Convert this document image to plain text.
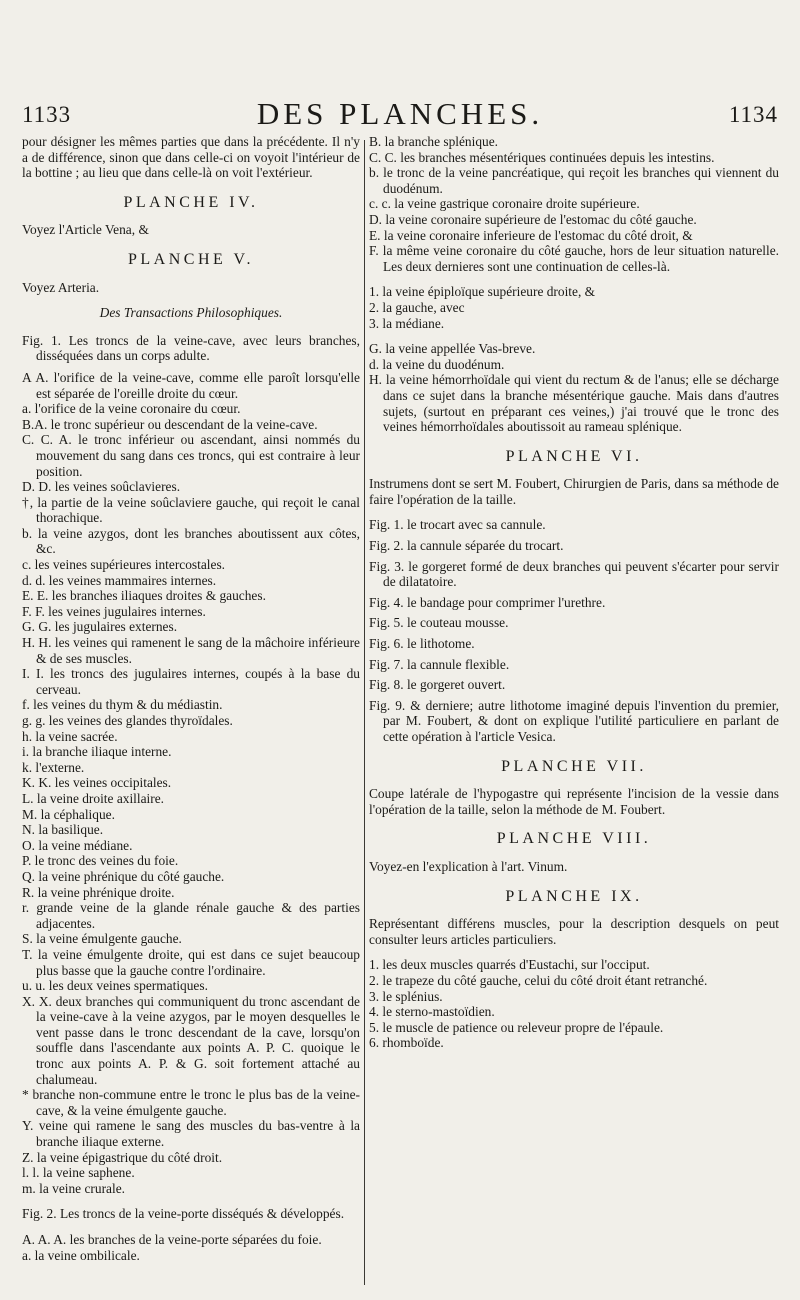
1133	DES PLANCHES.	1134

pour désigner les mêmes parties que dans la précédente. Il n'y a de différence, sinon que dans celle-ci on voyoit l'intérieur de la bottine ; au lieu que dans celle-là on voit l'extérieur.

PLANCHE IV.

Voyez l'Article Vena, &

PLANCHE V.

Voyez Arteria.

Des Transactions Philosophiques.

Fig. 1. Les troncs de la veine-cave, avec leurs branches, disséquées dans un corps adulte.

A A. l'orifice de la veine-cave, comme elle paroît lorsqu'elle est séparée de l'oreille droite du cœur.

a. l'orifice de la veine coronaire du cœur.

B.A. le tronc supérieur ou descendant de la veine-cave.

C. C. A. le tronc inférieur ou ascendant, ainsi nommés du mouvement du sang dans ces troncs, qui est contraire à leur position.

D. D. les veines soûclavieres.

†, la partie de la veine soûclaviere gauche, qui reçoit le canal thorachique.

b. la veine azygos, dont les branches aboutissent aux côtes, &c.

c. les veines supérieures intercostales.

d. d. les veines mammaires internes.

E. E. les branches iliaques droites & gauches.

F. F. les veines jugulaires internes.

G. G. les jugulaires externes.

H. H. les veines qui ramenent le sang de la mâchoire inférieure & de ses muscles.

I. I. les troncs des jugulaires internes, coupés à la base du cerveau.

f. les veines du thym & du médiastin.

g. g. les veines des glandes thyroïdales.

h. la veine sacrée.

i. la branche iliaque interne.

k. l'externe.

K. K. les veines occipitales.

L. la veine droite axillaire.

M. la céphalique.

N. la basilique.

O. la veine médiane.

P. le tronc des veines du foie.

Q. la veine phrénique du côté gauche.

R. la veine phrénique droite.

r. grande veine de la glande rénale gauche & des parties adjacentes.

S. la veine émulgente gauche.

T. la veine émulgente droite, qui est dans ce sujet beaucoup plus basse que la gauche contre l'ordinaire.

u. u. les deux veines spermatiques.

X. X. deux branches qui communiquent du tronc ascendant de la veine-cave à la veine azygos, par le moyen desquelles le vent passe dans le tronc descendant de la cave, lorsqu'on souffle dans l'ascendante aux points A. P. C. quoique le tronc aux points A. P. & G. soit fortement attaché au chalumeau.

* branche non-commune entre le tronc le plus bas de la veine-cave, & la veine émulgente gauche.

Y. veine qui ramene le sang des muscles du bas-ventre à la branche iliaque externe.

Z. la veine épigastrique du côté droit.

l. l. la veine saphene.

m. la veine crurale.

Fig. 2. Les troncs de la veine-porte disséqués & développés.

A. A. A. les branches de la veine-porte séparées du foie.

a. la veine ombilicale.

B. la branche splénique.

C. C. les branches mésentériques continuées depuis les intestins.

b. le tronc de la veine pancréatique, qui reçoit les branches qui viennent du duodénum.

c. c. la veine gastrique coronaire droite supérieure.

D. la veine coronaire supérieure de l'estomac du côté gauche.

E. la veine coronaire inferieure de l'estomac du côté droit, &

F. la même veine coronaire du côté gauche, hors de leur situation naturelle. Les deux dernieres sont une continuation de celles-là.

1. la veine épiploïque supérieure droite, &

2. la gauche, avec

3. la médiane.

G. la veine appellée Vas-breve.

d. la veine du duodénum.

H. la veine hémorrhoïdale qui vient du rectum & de l'anus; elle se décharge dans ce sujet dans la branche mésentérique gauche. Mais dans d'autres sujets, (surtout en préparant ces veines,) j'ai trouvé que le tronc des veines hémorrhoïdales aboutissoit au rameau splénique.

PLANCHE VI.

Instrumens dont se sert M. Foubert, Chirurgien de Paris, dans sa méthode de faire l'opération de la taille.

Fig. 1. le trocart avec sa cannule.

Fig. 2. la cannule séparée du trocart.

Fig. 3. le gorgeret formé de deux branches qui peuvent s'écarter pour servir de dilatatoire.

Fig. 4. le bandage pour comprimer l'urethre.

Fig. 5. le couteau mousse.

Fig. 6. le lithotome.

Fig. 7. la cannule flexible.

Fig. 8. le gorgeret ouvert.

Fig. 9. & derniere; autre lithotome imaginé depuis l'invention du premier, par M. Foubert, & dont on explique l'utilité particuliere en parlant de cette opération à l'article Vesica.

PLANCHE VII.

Coupe latérale de l'hypogastre qui représente l'incision de la vessie dans l'opération de la taille, selon la méthode de M. Foubert.

PLANCHE VIII.

Voyez-en l'explication à l'art. Vinum.

PLANCHE IX.

Représentant différens muscles, pour la description desquels on peut consulter leurs articles particuliers.

1. les deux muscles quarrés d'Eustachi, sur l'occiput.

2. le trapeze du côté gauche, celui du côté droit étant retranché.

3. le splénius.

4. le sterno-mastoïdien.

5. le muscle de patience ou releveur propre de l'épaule.

6. rhomboïde.
